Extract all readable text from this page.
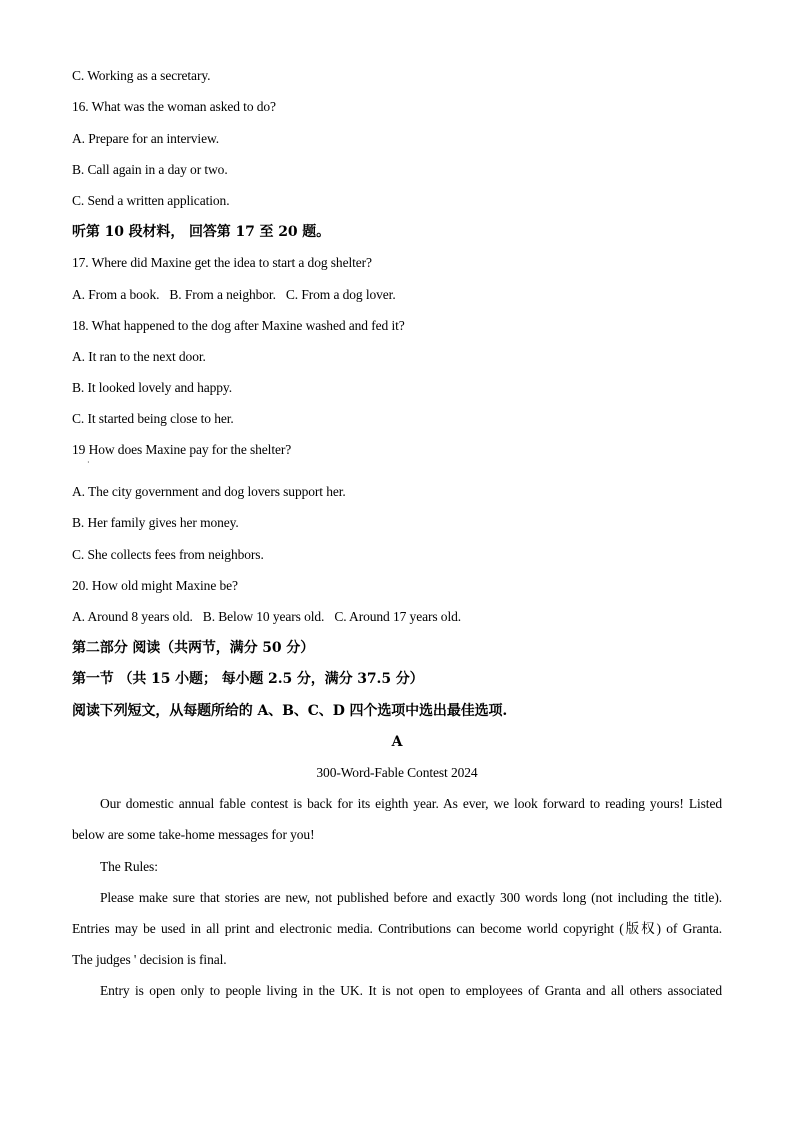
C. Working as a secretary.
16. What was the woman asked to do?
A. Prepare for an interview.
B. Call again in a day or two.
C. Send a written application.
听第 10 段材料， 回答第 17 至 20 题。
17. Where did Maxine get the idea to start a dog shelter?
A. From a book. B. From a neighbor. C. From a dog lover.
18. What happened to the dog after Maxine washed and fed it?
A. It ran to the next door.
B. It looked lovely and happy.
C. It started being close to her.
19 How does Maxine pay for the shelter?
·
A. The city government and dog lovers support her.
B. Her family gives her money.
C. She collects fees from neighbors.
20. How old might Maxine be?
A. Around 8 years old. B. Below 10 years old. C. Around 17 years old.
第二部分 阅读（共两节，满分 50 分）
第一节 （共 15 小题； 每小题 2.5 分，满分 37.5 分）
阅读下列短文，从每题所给的 A、B、C、D 四个选项中选出最佳选项.
A
300-Word-Fable Contest 2024
Our domestic annual fable contest is back for its eighth year. As ever, we look forward to reading yours! Listed
below are some take-home messages for you!
The Rules:
Please make sure that stories are new, not published before and exactly 300 words long (not including the title).
Entries may be used in all print and electronic media. Contributions can become world copyright (版权) of Granta.
The judges ' decision is final.
Entry is open only to people living in the UK. It is not open to employees of Granta and all others associated
